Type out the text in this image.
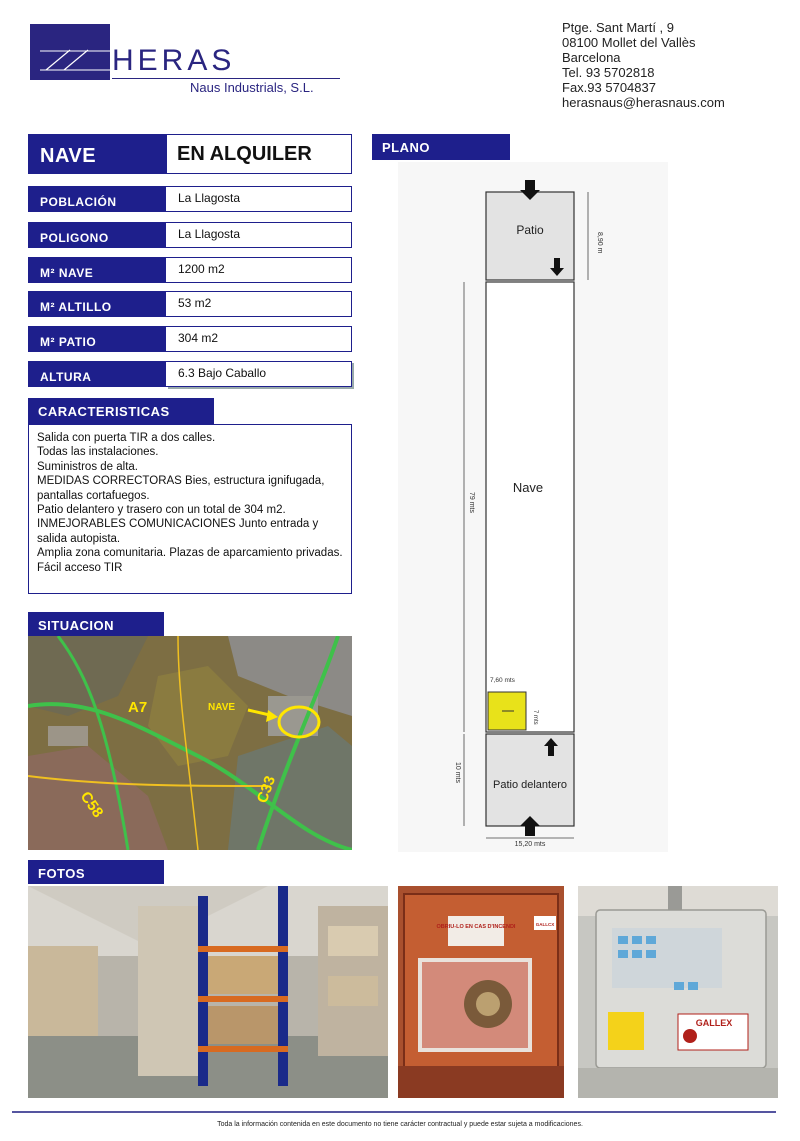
HERAS
Naus Industrials, S.L.
Ptge. Sant Martí , 9
08100 Mollet del Vallès
Barcelona
Tel. 93 5702818
Fax.93 5704837
herasnaus@herasnaus.com
NAVE	EN ALQUILER
POBLACIÓN	La Llagosta
POLIGONO	La Llagosta
M² NAVE	1200 m2
M² ALTILLO	53 m2
M² PATIO	304 m2
ALTURA	6.3 Bajo Caballo
CARACTERISTICAS
Salida con puerta TIR a dos calles.
Todas las instalaciones.
Suministros de alta.
MEDIDAS CORRECTORAS Bies, estructura ignifugada, pantallas cortafuegos.
Patio delantero y trasero con un total de 304 m2.
INMEJORABLES COMUNICACIONES Junto entrada y salida autopista.
Amplia zona comunitaria. Plazas de aparcamiento privadas.
Fácil acceso TIR
SITUACION
A7	NAVE
C58	C33
PLANO
Patio
8,90 m
Nave
79 mts
7,60 mts
7 mts
Patio delantero
10 mts
15,20 mts
FOTOS
OBRIU-LO EN CAS D'INCENDI	GALLCX
GALLEX
Toda la información contenida en este documento no tiene carácter contractual y puede estar sujeta a modificaciones.
